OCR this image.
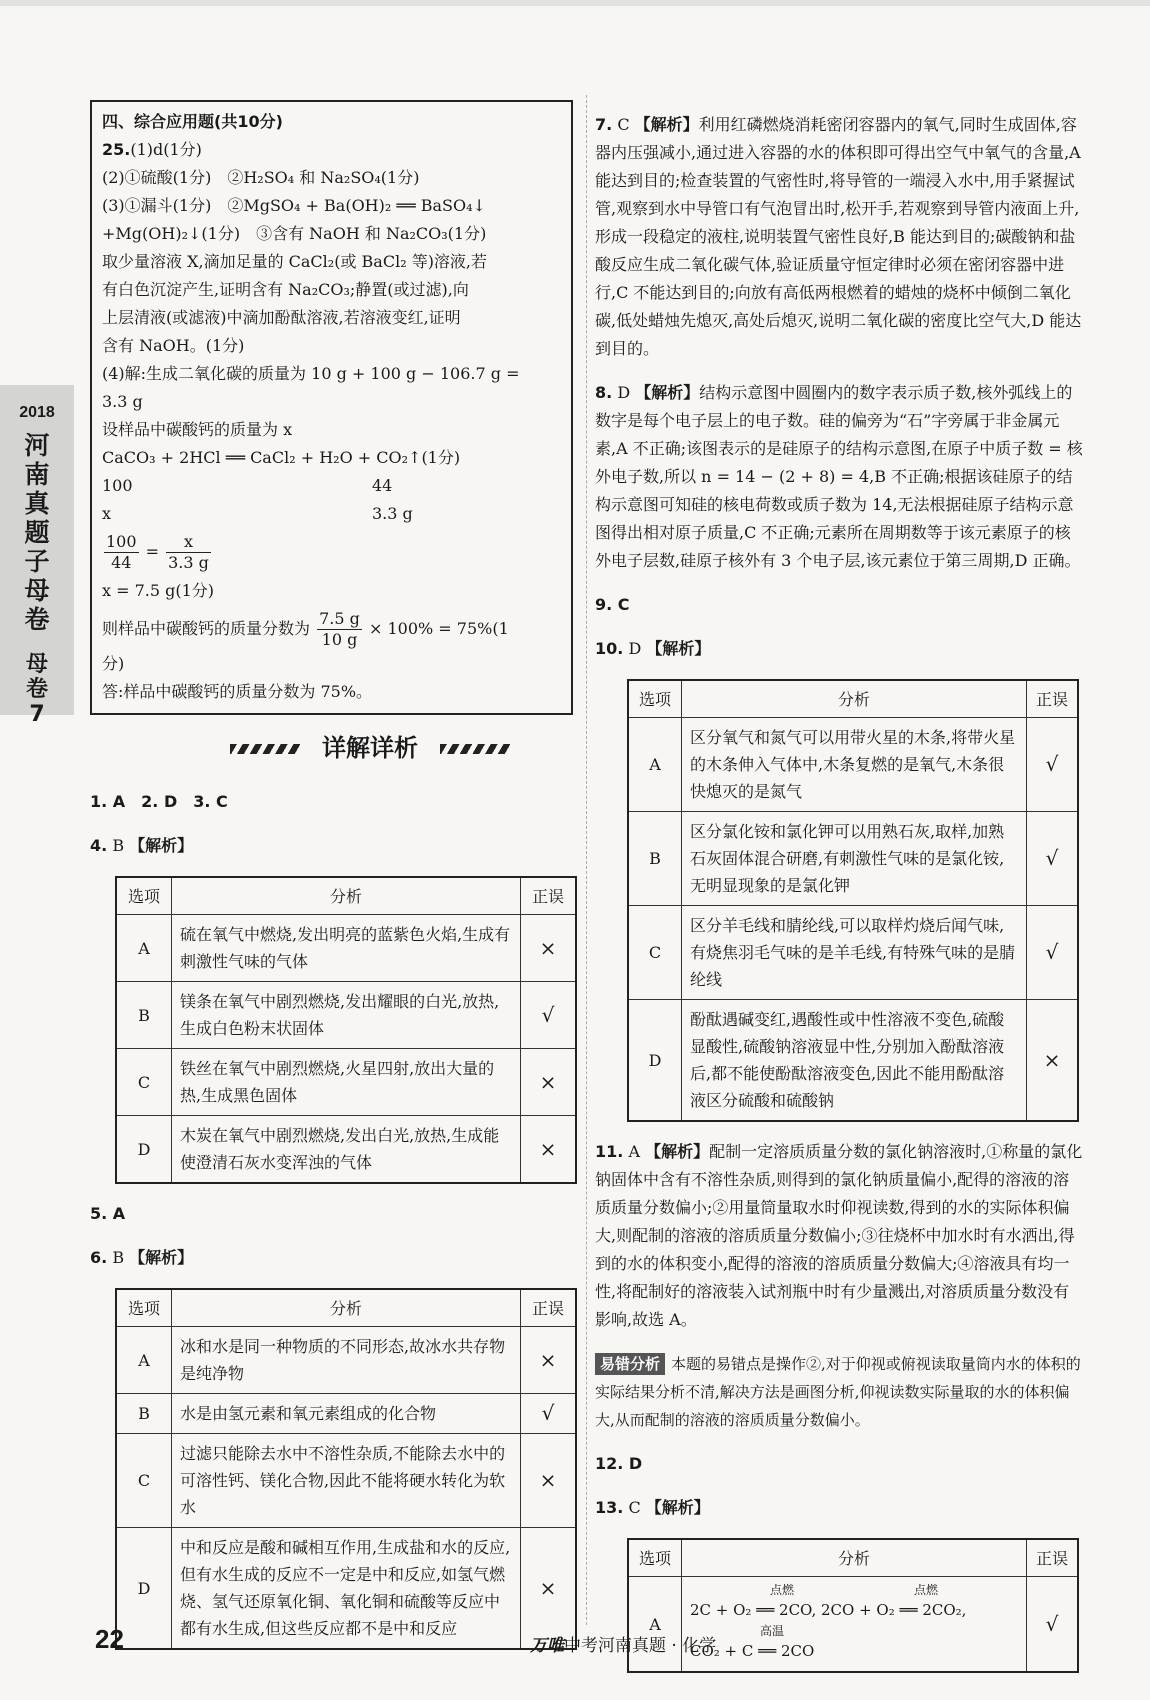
2018
河
南
真
题
子
母
卷
母
卷
7

四、综合应用题(共10分)

25.(1)d(1分)

(2)①硫酸(1分)　②H₂SO₄ 和 Na₂SO₄(1分)

(3)①漏斗(1分)　②MgSO₄ + Ba(OH)₂ ══ BaSO₄↓

+Mg(OH)₂↓(1分)　③含有 NaOH 和 Na₂CO₃(1分)

取少量溶液 X,滴加足量的 CaCl₂(或 BaCl₂ 等)溶液,若

有白色沉淀产生,证明含有 Na₂CO₃;静置(或过滤),向

上层清液(或滤液)中滴加酚酞溶液,若溶液变红,证明

含有 NaOH。(1分)

(4)解:生成二氧化碳的质量为 10 g + 100 g − 106.7 g =

3.3 g

设样品中碳酸钙的质量为 x

CaCO₃ + 2HCl ══ CaCl₂ + H₂O + CO₂↑(1分)

100	44

x	3.3 g

$\frac{100}{44} = \frac{x}{3.3 g}$

x = 7.5 g(1分)

则样品中碳酸钙的质量分数为 $\frac{7.5 g}{10 g} \times 100\% = 75\%(1$

分)

答:样品中碳酸钙的质量分数为 75%。

详解详析

1. A　2. D　3. C

4. B 【解析】

选项	分析	正误
A	硫在氧气中燃烧,发出明亮的蓝紫色火焰,生成有刺激性气味的气体	×
B	镁条在氧气中剧烈燃烧,发出耀眼的白光,放热,生成白色粉末状固体	√
C	铁丝在氧气中剧烈燃烧,火星四射,放出大量的热,生成黑色固体	×
D	木炭在氧气中剧烈燃烧,发出白光,放热,生成能使澄清石灰水变浑浊的气体	×

5. A

6. B 【解析】

选项	分析	正误
A	冰和水是同一种物质的不同形态,故冰水共存物是纯净物	×
B	水是由氢元素和氧元素组成的化合物	√
C	过滤只能除去水中不溶性杂质,不能除去水中的可溶性钙、镁化合物,因此不能将硬水转化为软水	×
D	中和反应是酸和碱相互作用,生成盐和水的反应,但有水生成的反应不一定是中和反应,如氢气燃烧、氢气还原氧化铜、氧化铜和硫酸等反应中都有水生成,但这些反应都不是中和反应	×

7. C 【解析】利用红磷燃烧消耗密闭容器内的氧气,同时生成固体,容器内压强减小,通过进入容器的水的体积即可得出空气中氧气的含量,A 能达到目的;检查装置的气密性时,将导管的一端浸入水中,用手紧握试管,观察到水中导管口有气泡冒出时,松开手,若观察到导管内液面上升,形成一段稳定的液柱,说明装置气密性良好,B 能达到目的;碳酸钠和盐酸反应生成二氧化碳气体,验证质量守恒定律时必须在密闭容器中进行,C 不能达到目的;向放有高低两根燃着的蜡烛的烧杯中倾倒二氧化碳,低处蜡烛先熄灭,高处后熄灭,说明二氧化碳的密度比空气大,D 能达到目的。

8. D 【解析】结构示意图中圆圈内的数字表示质子数,核外弧线上的数字是每个电子层上的电子数。硅的偏旁为“石”字旁属于非金属元素,A 不正确;该图表示的是硅原子的结构示意图,在原子中质子数 = 核外电子数,所以 n = 14 − (2 + 8) = 4,B 不正确;根据该硅原子的结构示意图可知硅的核电荷数或质子数为 14,无法根据硅原子结构示意图得出相对原子质量,C 不正确;元素所在周期数等于该元素原子的核外电子层数,硅原子核外有 3 个电子层,该元素位于第三周期,D 正确。

9. C

10. D 【解析】

选项	分析	正误
A	区分氧气和氮气可以用带火星的木条,将带火星的木条伸入气体中,木条复燃的是氧气,木条很快熄灭的是氮气	√
B	区分氯化铵和氯化钾可以用熟石灰,取样,加熟石灰固体混合研磨,有刺激性气味的是氯化铵,无明显现象的是氯化钾	√
C	区分羊毛线和腈纶线,可以取样灼烧后闻气味,有烧焦羽毛气味的是羊毛线,有特殊气味的是腈纶线	√
D	酚酞遇碱变红,遇酸性或中性溶液不变色,硫酸显酸性,硫酸钠溶液显中性,分别加入酚酞溶液后,都不能使酚酞溶液变色,因此不能用酚酞溶液区分硫酸和硫酸钠	×

11. A 【解析】配制一定溶质质量分数的氯化钠溶液时,①称量的氯化钠固体中含有不溶性杂质,则得到的氯化钠质量偏小,配得的溶液的溶质质量分数偏小;②用量筒量取水时仰视读数,得到的水的实际体积偏大,则配制的溶液的溶质质量分数偏小;③往烧杯中加水时有水洒出,得到的水的体积变小,配得的溶液的溶质质量分数偏大;④溶液具有均一性,将配制好的溶液装入试剂瓶中时有少量溅出,对溶质质量分数没有影响,故选 A。

易错分析 本题的易错点是操作②,对于仰视或俯视读取量筒内水的体积的实际结果分析不清,解决方法是画图分析,仰视读数实际量取的水的体积偏大,从而配制的溶液的溶质质量分数偏小。

12. D

13. C 【解析】

选项	分析	正误
A	点燃 点燃
2C + O₂ ══ 2CO, 2CO + O₂ ══ 2CO₂,
高温
CO₂ + C ══ 2CO	√
22	万唯中考河南真题 · 化学
